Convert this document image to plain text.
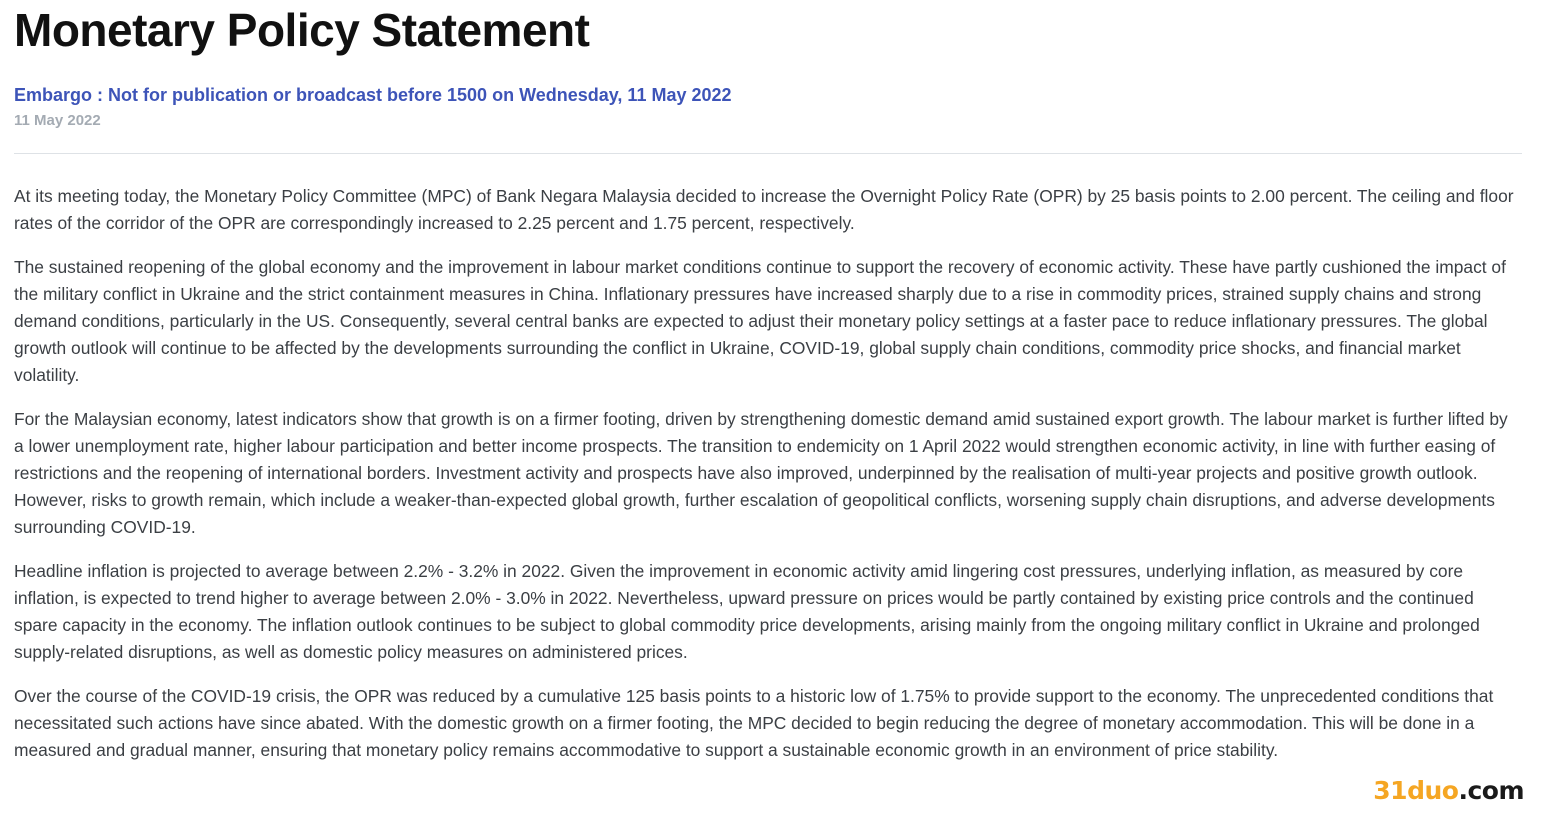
Monetary Policy Statement
Embargo : Not for publication or broadcast before 1500 on Wednesday, 11 May 2022
11 May 2022

At its meeting today, the Monetary Policy Committee (MPC) of Bank Negara Malaysia decided to increase the Overnight Policy Rate (OPR) by 25 basis points to 2.00 percent. The ceiling and floor rates of the corridor of the OPR are correspondingly increased to 2.25 percent and 1.75 percent, respectively.

The sustained reopening of the global economy and the improvement in labour market conditions continue to support the recovery of economic activity. These have partly cushioned the impact of the military conflict in Ukraine and the strict containment measures in China. Inflationary pressures have increased sharply due to a rise in commodity prices, strained supply chains and strong demand conditions, particularly in the US. Consequently, several central banks are expected to adjust their monetary policy settings at a faster pace to reduce inflationary pressures. The global growth outlook will continue to be affected by the developments surrounding the conflict in Ukraine, COVID-19, global supply chain conditions, commodity price shocks, and financial market volatility.

For the Malaysian economy, latest indicators show that growth is on a firmer footing, driven by strengthening domestic demand amid sustained export growth. The labour market is further lifted by a lower unemployment rate, higher labour participation and better income prospects. The transition to endemicity on 1 April 2022 would strengthen economic activity, in line with further easing of restrictions and the reopening of international borders. Investment activity and prospects have also improved, underpinned by the realisation of multi-year projects and positive growth outlook. However, risks to growth remain, which include a weaker-than-expected global growth, further escalation of geopolitical conflicts, worsening supply chain disruptions, and adverse developments surrounding COVID-19.

Headline inflation is projected to average between 2.2% - 3.2% in 2022. Given the improvement in economic activity amid lingering cost pressures, underlying inflation, as measured by core inflation, is expected to trend higher to average between 2.0% - 3.0% in 2022. Nevertheless, upward pressure on prices would be partly contained by existing price controls and the continued spare capacity in the economy. The inflation outlook continues to be subject to global commodity price developments, arising mainly from the ongoing military conflict in Ukraine and prolonged supply-related disruptions, as well as domestic policy measures on administered prices.

Over the course of the COVID-19 crisis, the OPR was reduced by a cumulative 125 basis points to a historic low of 1.75% to provide support to the economy. The unprecedented conditions that necessitated such actions have since abated. With the domestic growth on a firmer footing, the MPC decided to begin reducing the degree of monetary accommodation. This will be done in a measured and gradual manner, ensuring that monetary policy remains accommodative to support a sustainable economic growth in an environment of price stability.

31duo.com
